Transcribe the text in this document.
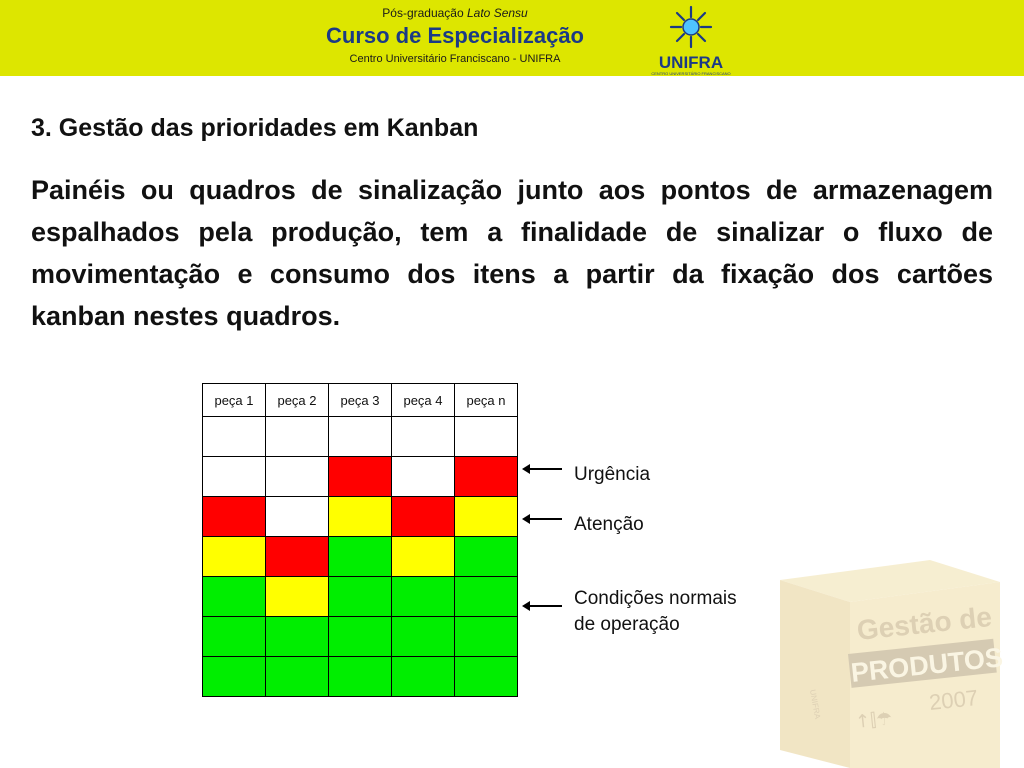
Pós-graduação Lato Sensu
Curso de Especialização
Centro Universitário Franciscano - UNIFRA	UNIFRA
CENTRO UNIVERSITÁRIO FRANCISCANO
3. Gestão das prioridades em Kanban
Painéis ou quadros de sinalização junto aos pontos de armazenagem espalhados pela produção, tem a finalidade de sinalizar o fluxo de movimentação e consumo dos itens a partir da fixação dos cartões kanban nestes quadros.
peça 1	peça 2	peça 3	peça 4	peça n

Urgência
Atenção
Condições normais
de operação	Gestão de
PRODUTOS
2007
↑⫿☂
UNIFRA
